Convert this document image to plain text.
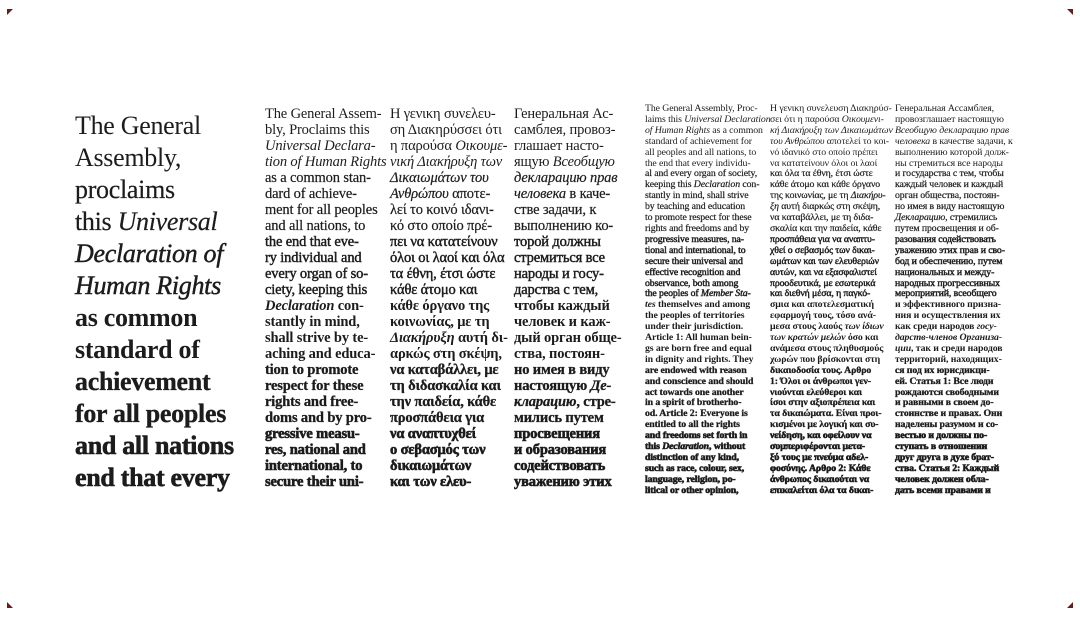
The General
Assembly,
proclaims
this Universal
Declaration of
Human Rights
as common
standard of
achievement
for all peoples
and all nations
end that every
The General Assem-
bly, Proclaims this
Universal Declara-
tion of Human Rights
as a common stan-
dard of achieve-
ment for all peoples
and all nations, to
the end that eve-
ry individual and
every organ of so-
ciety, keeping this
Declaration con-
stantly in mind,
shall strive by te-
aching and educa-
tion to promote
respect for these
rights and free-
doms and by pro-
gressive measu-
res, national and
international, to
secure their uni-
Η γενικη συνελευ-
ση Διακηρύσσει ότι
η παρούσα Οικουμε-
νική Διακήρυξη των
Δικαιωμάτων του
Ανθρώπου αποτε-
λεί το κοινό ιδανι-
κό στο οποίο πρέ-
πει να κατατείνουν
όλοι οι λαοί και όλα
τα έθνη, έτσι ώστε
κάθε άτομο και
κάθε όργανο της
κοινωνίας, με τη
Διακήρυξη αυτή δι-
αρκώς στη σκέψη,
να καταβάλλει, με
τη διδασκαλία και
την παιδεία, κάθε
προσπάθεια για
να αναπτυχθεί
ο σεβασμός των
δικαιωμάτων
και των ελευ-
Генеральная Ас-
самблея, провоз-
глашает насто-
ящую Всеобщую
декларацию прав
человека в каче-
стве задачи, к
выполнению ко-
торой должны
стремиться все
народы и госу-
дарства с тем,
чтобы каждый
человек и каж-
дый орган обще-
ства, постоян-
но имея в виду
настоящую Де-
кларацию, стре-
мились путем
просвещения
и образования
содействовать
уважению этих
The General Assembly, Proc-
laims this Universal Declaration
of Human Rights as a common
standard of achievement for
all peoples and all nations, to
the end that every individu-
al and every organ of society,
keeping this Declaration con-
stantly in mind, shall strive
by teaching and education
to promote respect for these
rights and freedoms and by
progressive measures, na-
tional and international, to
secure their universal and
effective recognition and
observance, both among
the peoples of Member Sta-
tes themselves and among
the peoples of territories
under their jurisdiction.
Article 1: All human bein-
gs are born free and equal
in dignity and rights. They
are endowed with reason
and conscience and should
act towards one another
in a spirit of brotherho-
od. Article 2: Everyone is
entitled to all the rights
and freedoms set forth in
this Declaration, without
distinction of any kind,
such as race, colour, sex,
language, religion, po-
litical or other opinion,
Η γενικη συνελευση Διακηρύσ-
σει ότι η παρούσα Οικουμενι-
κή Διακήρυξη των Δικαιωμάτων
του Ανθρώπου αποτελεί το κοι-
νό ιδανικό στο οποίο πρέπει
να κατατείνουν όλοι οι λαοί
και όλα τα έθνη, έτσι ώστε
κάθε άτομο και κάθε όργανο
της κοινωνίας, με τη Διακήρυ-
ξη αυτή διαρκώς στη σκέψη,
να καταβάλλει, με τη διδα-
σκαλία και την παιδεία, κάθε
προσπάθεια για να αναπτυ-
χθεί ο σεβασμός των δικαι-
ωμάτων και των ελευθεριών
αυτών, και να εξασφαλιστεί
προοδευτικά, με εσωτερικά
και διεθνή μέσα, η παγκό-
σμια και αποτελεσματική
εφαρμογή τους, τόσο ανά-
μεσα στους λαούς των ίδιων
των κρατών μελών όσο και
ανάμεσα στους πληθυσμούς
χωρών που βρίσκονται στη
δικαιοδοσία τους. Αρθρο
1: Όλοι οι άνθρωποι γεν-
νιούνται ελεύθεροι και
ίσοι στην αξιοπρέπεια και
τα δικαιώματα. Είναι προι-
κισμένοι με λογική και συ-
νείδηση, και οφείλουν να
συμπεριφέρονται μετα-
ξύ τους με πνεύμα αδελ-
φοσύνης. Αρθρο 2: Κάθε
άνθρωπος δικαιούται να
επικαλείται όλα τα δικαι-
Генеральная Ассамблея,
провозглашает настоящую
Всеобщую декларацию прав
человека в качестве задачи, к
выполнению которой долж-
ны стремиться все народы
и государства с тем, чтобы
каждый человек и каждый
орган общества, постоян-
но имея в виду настоящую
Декларацию, стремились
путем просвещения и об-
разования содействовать
уважению этих прав и сво-
бод и обеспечению, путем
национальных и между-
народных прогрессивных
мероприятий, всеобщего
и эффективного призна-
ния и осуществления их
как среди народов госу-
дарств-членов Организа-
ции, так и среди народов
территорий, находящих-
ся под их юрисдикци-
ей. Статья 1: Все люди
рождаются свободными
и равными в своем до-
стоинстве и правах. Они
наделены разумом и со-
вестью и должны по-
ступать в отношении
друг друга в духе брат-
ства. Статья 2: Каждый
человек должен обла-
дать всеми правами и
